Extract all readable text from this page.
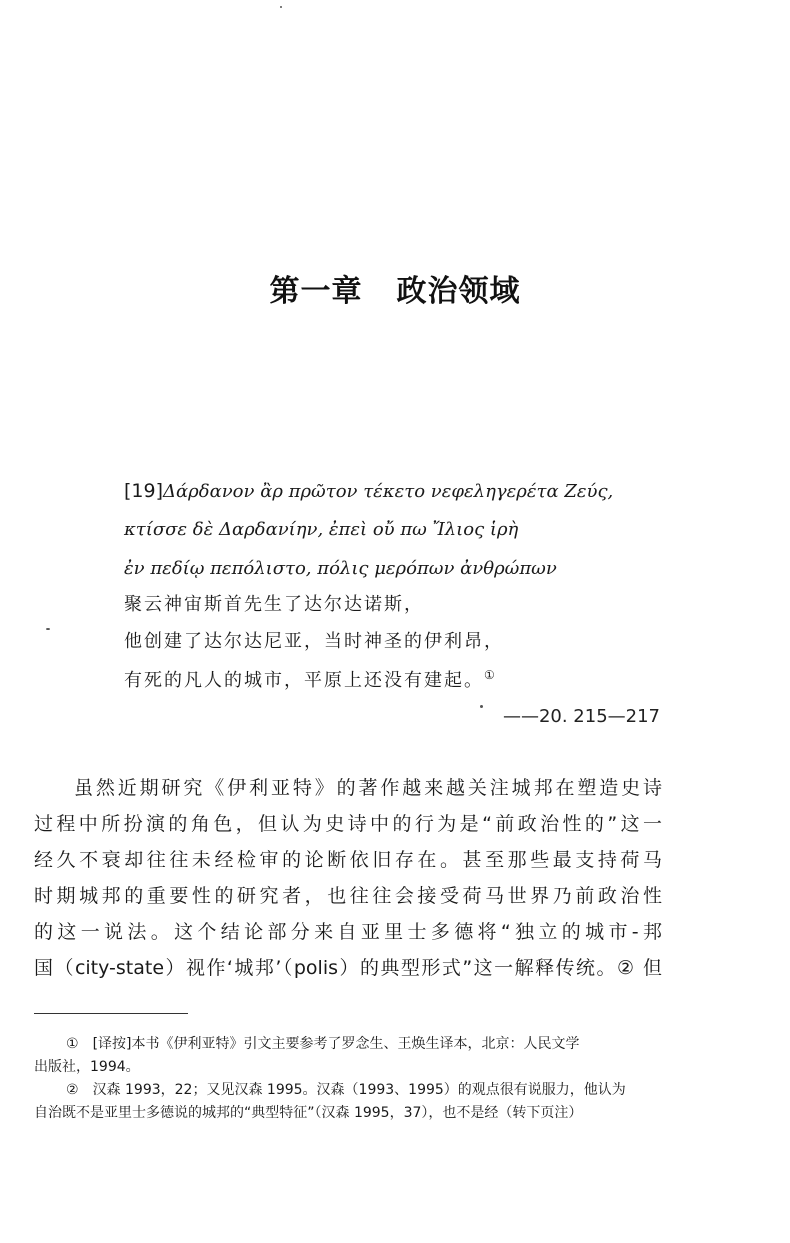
第一章 政治领域
[19]Δάρδανον ἂρ πρῶτον τέκετο νεφεληγερέτα Ζεύς,
κτίσσε δὲ Δαρδανίην, ἐπεὶ οὔ πω Ἴλιος ἱρὴ
ἐν πεδίῳ πεπόλιστο, πόλις μερόπων ἀνθρώπων
聚云神宙斯首先生了达尔达诺斯，
他创建了达尔达尼亚，当时神圣的伊利昂，
有死的凡人的城市，平原上还没有建起。①
——20. 215—217
虽然近期研究《伊利亚特》的著作越来越关注城邦在塑造史诗
过程中所扮演的角色，但认为史诗中的行为是“前政治性的”这一
经久不衰却往往未经检审的论断依旧存在。甚至那些最支持荷马
时期城邦的重要性的研究者，也往往会接受荷马世界乃前政治性
的这一说法。这个结论部分来自亚里士多德将“独立的城市-邦
国（city-state）视作‘城邦’（polis）的典型形式”这一解释传统。② 但
① [译按]本书《伊利亚特》引文主要参考了罗念生、王焕生译本，北京：人民文学
出版社，1994。
② 汉森 1993，22；又见汉森 1995。汉森（1993、1995）的观点很有说服力，他认为
自治既不是亚里士多德说的城邦的“典型特征”（汉森 1995，37），也不是经（转下页注）
